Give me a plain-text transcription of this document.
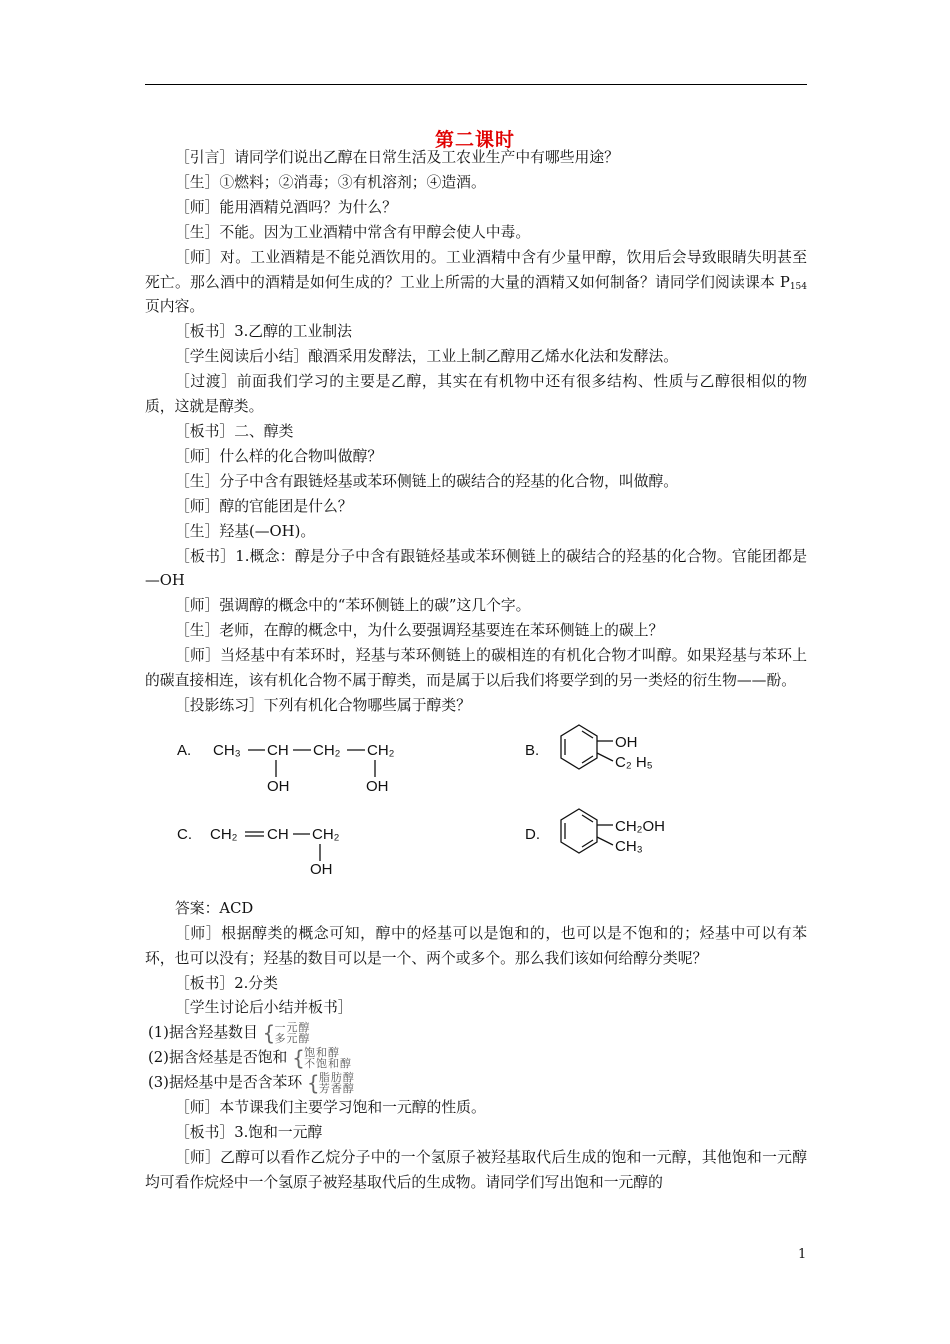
第二课时

［引言］请同学们说出乙醇在日常生活及工农业生产中有哪些用途？

［生］①燃料；②消毒；③有机溶剂；④造酒。

［师］能用酒精兑酒吗？为什么？

［生］不能。因为工业酒精中常含有甲醇会使人中毒。

［师］对。工业酒精是不能兑酒饮用的。工业酒精中含有少量甲醇，饮用后会导致眼睛失明甚至死亡。那么酒中的酒精是如何生成的？工业上所需的大量的酒精又如何制备？请同学们阅读课本 $P_{154}$页内容。

［板书］3.乙醇的工业制法

［学生阅读后小结］酿酒采用发酵法，工业上制乙醇用乙烯水化法和发酵法。

［过渡］前面我们学习的主要是乙醇，其实在有机物中还有很多结构、性质与乙醇很相似的物质，这就是醇类。

［板书］二、醇类

［师］什么样的化合物叫做醇？

［生］分子中含有跟链烃基或苯环侧链上的碳结合的羟基的化合物，叫做醇。

［师］醇的官能团是什么？

［生］羟基(—OH)。

［板书］1.概念：醇是分子中含有跟链烃基或苯环侧链上的碳结合的羟基的化合物。官能团都是—OH

［师］强调醇的概念中的“苯环侧链上的碳”这几个字。

［生］老师，在醇的概念中，为什么要强调羟基要连在苯环侧链上的碳上？

［师］当烃基中有苯环时，羟基与苯环侧链上的碳相连的有机化合物才叫醇。如果羟基与苯环上的碳直接相连，该有机化合物不属于醇类，而是属于以后我们将要学到的另一类烃的衍生物——酚。

［投影练习］下列有机化合物哪些属于醇类？

A. CH₃ CH CH₂ CH₂
OH	OH
B.	OH
C₂ H₅
C. CH₂ CH CH₂
OH
D.	CH₂OH
CH₃

答案：ACD

［师］根据醇类的概念可知，醇中的烃基可以是饱和的，也可以是不饱和的；烃基中可以有苯环，也可以没有；羟基的数目可以是一个、两个或多个。那么我们该如何给醇分类呢？

［板书］2.分类

［学生讨论后小结并板书］

(1)据含羟基数目 { 一元醇
多元醇
(2)据含烃基是否饱和 { 饱和醇
不饱和醇
(3)据烃基中是否含苯环 { 脂肪醇
芳香醇

［师］本节课我们主要学习饱和一元醇的性质。

［板书］3.饱和一元醇

［师］乙醇可以看作乙烷分子中的一个氢原子被羟基取代后生成的饱和一元醇，其他饱和一元醇均可看作烷烃中一个氢原子被羟基取代后的生成物。请同学们写出饱和一元醇的

1
